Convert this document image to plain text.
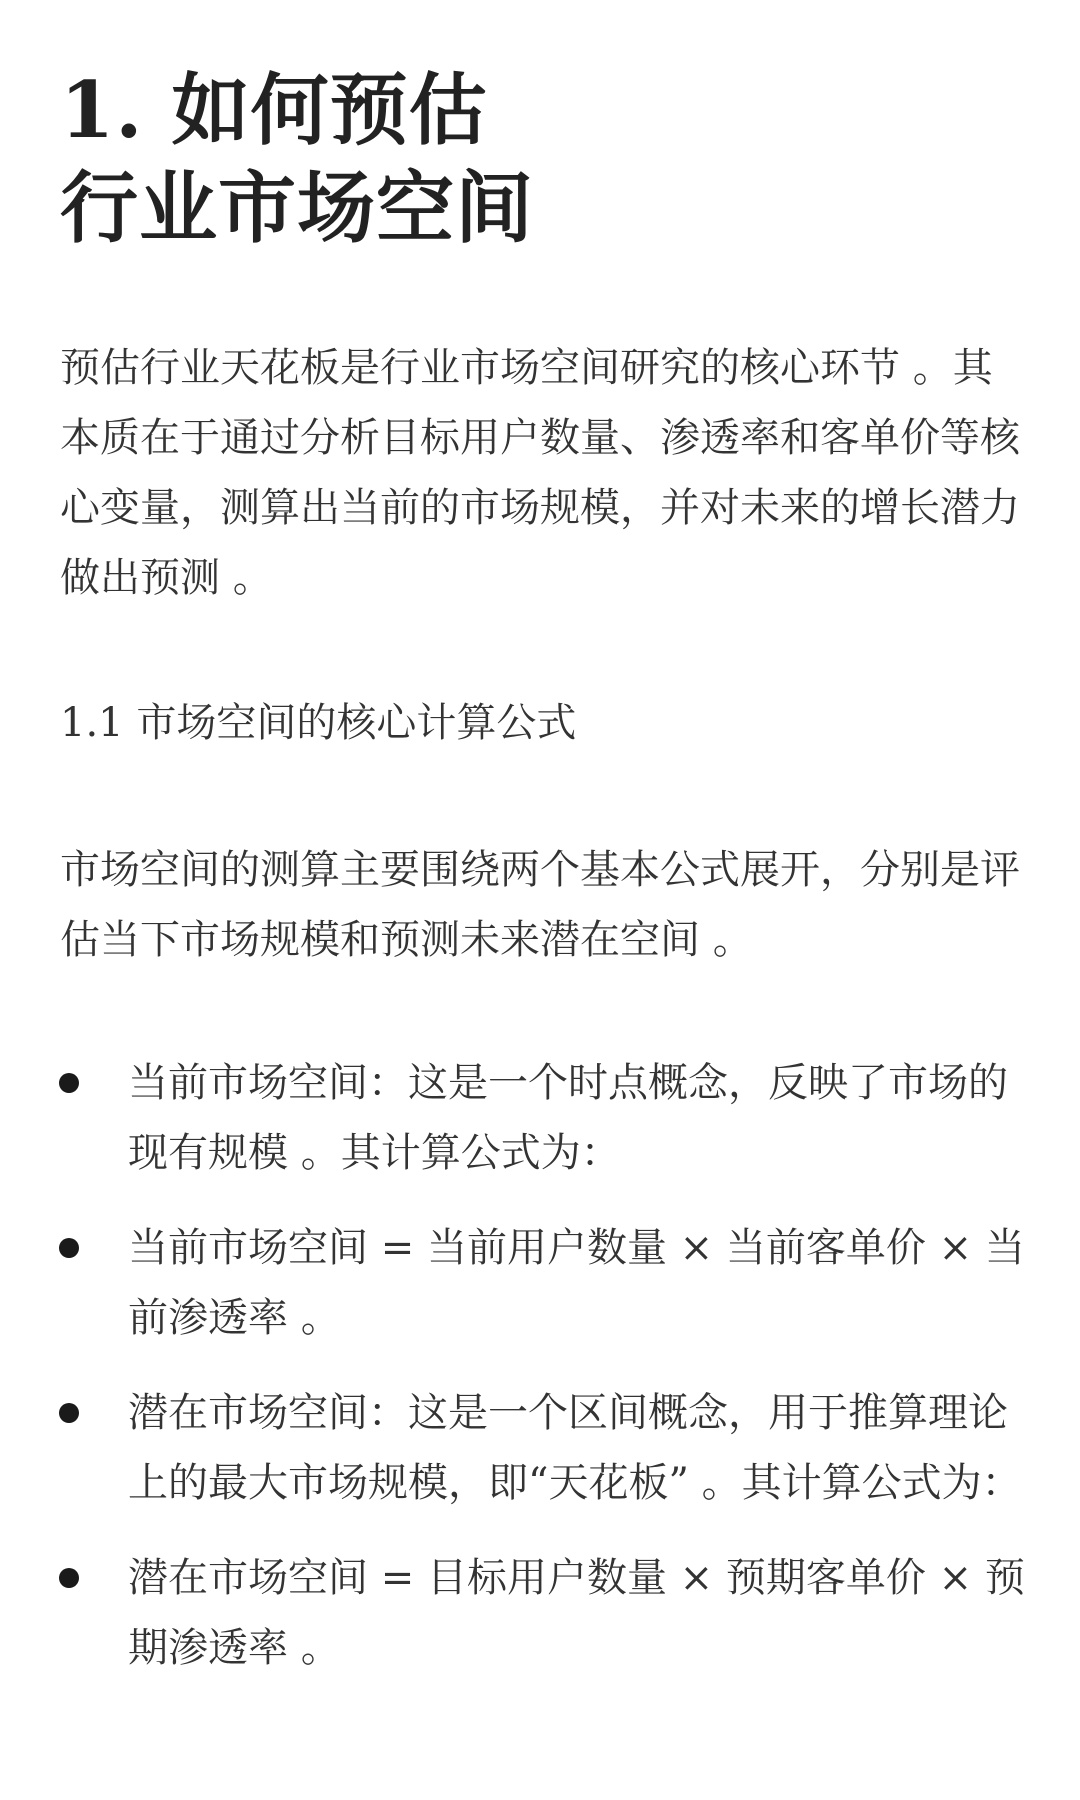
1. 如何预估
行业市场空间

预估行业天花板是行业市场空间研究的核心环节 。其本质在于通过分析目标用户数量、渗透率和客单价等核心变量，测算出当前的市场规模，并对未来的增长潜力做出预测 。

1.1 市场空间的核心计算公式

市场空间的测算主要围绕两个基本公式展开，分别是评估当下市场规模和预测未来潜在空间 。

当前市场空间：这是一个时点概念，反映了市场的现有规模 。其计算公式为：
当前市场空间 = 当前用户数量 × 当前客单价 × 当前渗透率 。
潜在市场空间：这是一个区间概念，用于推算理论上的最大市场规模，即“天花板” 。其计算公式为：
潜在市场空间 = 目标用户数量 × 预期客单价 × 预期渗透率 。
